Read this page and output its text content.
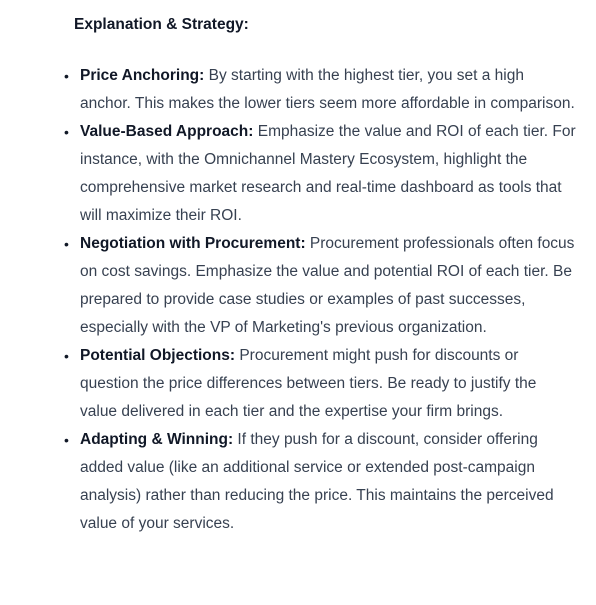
Explanation & Strategy:
• Price Anchoring: By starting with the highest tier, you set a high anchor. This makes the lower tiers seem more affordable in comparison.
• Value-Based Approach: Emphasize the value and ROI of each tier. For instance, with the Omnichannel Mastery Ecosystem, highlight the comprehensive market research and real-time dashboard as tools that will maximize their ROI.
• Negotiation with Procurement: Procurement professionals often focus on cost savings. Emphasize the value and potential ROI of each tier. Be prepared to provide case studies or examples of past successes, especially with the VP of Marketing's previous organization.
• Potential Objections: Procurement might push for discounts or question the price differences between tiers. Be ready to justify the value delivered in each tier and the expertise your firm brings.
• Adapting & Winning: If they push for a discount, consider offering added value (like an additional service or extended post-campaign analysis) rather than reducing the price. This maintains the perceived value of your services.
